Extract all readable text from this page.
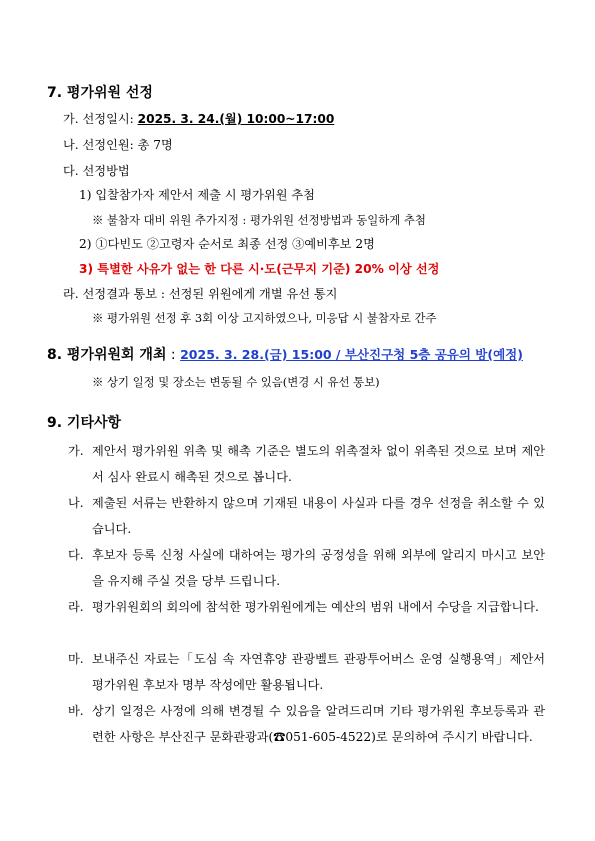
7. 평가위원 선정
가. 선정일시: 2025. 3. 24.(월) 10:00~17:00
나. 선정인원: 총 7명
다. 선정방법
1) 입찰참가자 제안서 제출 시 평가위원 추첨
※ 불참자 대비 위원 추가지정 : 평가위원 선정방법과 동일하게 추첨
2) ①다빈도 ②고령자 순서로 최종 선정 ③예비후보 2명
3) 특별한 사유가 없는 한 다른 시·도(근무지 기준) 20% 이상 선정
라. 선정결과 통보 : 선정된 위원에게 개별 유선 통지
※ 평가위원 선정 후 3회 이상 고지하였으나, 미응답 시 불참자로 간주
8. 평가위원회 개최 : 2025. 3. 28.(금) 15:00 / 부산진구청 5층 공유의 방(예정)
※ 상기 일정 및 장소는 변동될 수 있음(변경 시 유선 통보)
9. 기타사항
가. 제안서 평가위원 위촉 및 해촉 기준은 별도의 위촉절차 없이 위촉된 것으로 보며 제안서 심사 완료시 해촉된 것으로 봅니다.
나. 제출된 서류는 반환하지 않으며 기재된 내용이 사실과 다를 경우 선정을 취소할 수 있습니다.
다. 후보자 등록 신청 사실에 대하여는 평가의 공정성을 위해 외부에 알리지 마시고 보안을 유지해 주실 것을 당부 드립니다.
라. 평가위원회의 회의에 참석한 평가위원에게는 예산의 범위 내에서 수당을 지급합니다.
마. 보내주신 자료는「도심 속 자연휴양 관광벨트 관광투어버스 운영 실행용역」제안서 평가위원 후보자 명부 작성에만 활용됩니다.
바. 상기 일정은 사정에 의해 변경될 수 있음을 알려드리며 기타 평가위원 후보등록과 관련한 사항은 부산진구 문화관광과(☎051-605-4522)로 문의하여 주시기 바랍니다.
